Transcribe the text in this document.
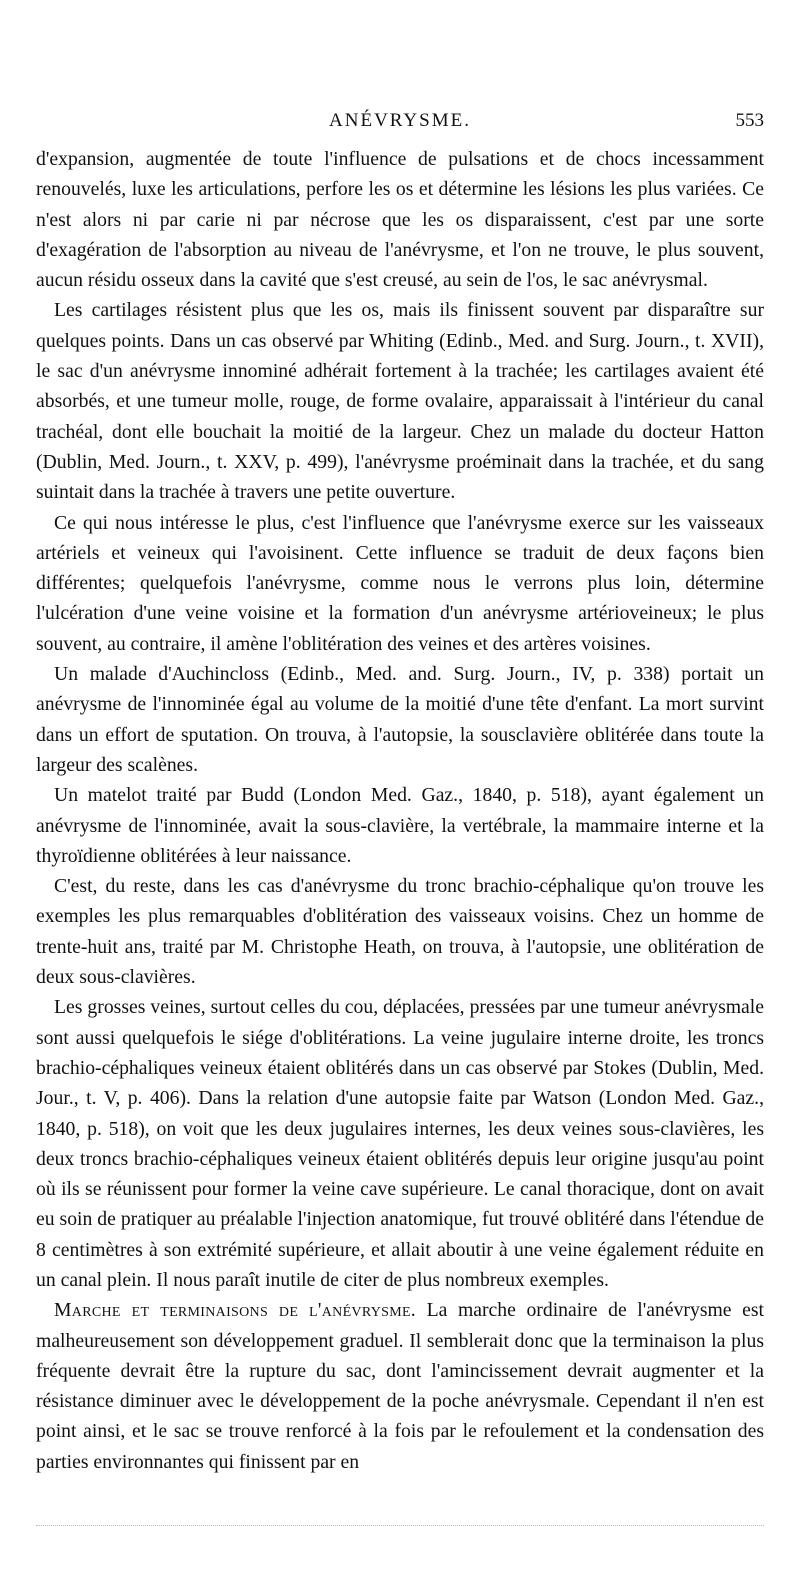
ANÉVRYSME.	553

d'expansion, augmentée de toute l'influence de pulsations et de chocs incessamment renouvelés, luxe les articulations, perfore les os et détermine les lésions les plus variées. Ce n'est alors ni par carie ni par nécrose que les os disparaissent, c'est par une sorte d'exagération de l'absorption au niveau de l'anévrysme, et l'on ne trouve, le plus souvent, aucun résidu osseux dans la cavité que s'est creusé, au sein de l'os, le sac anévrysmal.

Les cartilages résistent plus que les os, mais ils finissent souvent par disparaître sur quelques points. Dans un cas observé par Whiting (Edinb., Med. and Surg. Journ., t. XVII), le sac d'un anévrysme innominé adhérait fortement à la trachée; les cartilages avaient été absorbés, et une tumeur molle, rouge, de forme ovalaire, apparaissait à l'intérieur du canal trachéal, dont elle bouchait la moitié de la largeur. Chez un malade du docteur Hatton (Dublin, Med. Journ., t. XXV, p. 499), l'anévrysme proéminait dans la trachée, et du sang suintait dans la trachée à travers une petite ouverture.

Ce qui nous intéresse le plus, c'est l'influence que l'anévrysme exerce sur les vaisseaux artériels et veineux qui l'avoisinent. Cette influence se traduit de deux façons bien différentes; quelquefois l'anévrysme, comme nous le verrons plus loin, détermine l'ulcération d'une veine voisine et la formation d'un anévrysme artérioveineux; le plus souvent, au contraire, il amène l'oblitération des veines et des artères voisines.

Un malade d'Auchincloss (Edinb., Med. and. Surg. Journ., IV, p. 338) portait un anévrysme de l'innominée égal au volume de la moitié d'une tête d'enfant. La mort survint dans un effort de sputation. On trouva, à l'autopsie, la sousclavière oblitérée dans toute la largeur des scalènes.

Un matelot traité par Budd (London Med. Gaz., 1840, p. 518), ayant également un anévrysme de l'innominée, avait la sous-clavière, la vertébrale, la mammaire interne et la thyroïdienne oblitérées à leur naissance.

C'est, du reste, dans les cas d'anévrysme du tronc brachio-céphalique qu'on trouve les exemples les plus remarquables d'oblitération des vaisseaux voisins. Chez un homme de trente-huit ans, traité par M. Christophe Heath, on trouva, à l'autopsie, une oblitération de deux sous-clavières.

Les grosses veines, surtout celles du cou, déplacées, pressées par une tumeur anévrysmale sont aussi quelquefois le siége d'oblitérations. La veine jugulaire interne droite, les troncs brachio-céphaliques veineux étaient oblitérés dans un cas observé par Stokes (Dublin, Med. Jour., t. V, p. 406). Dans la relation d'une autopsie faite par Watson (London Med. Gaz., 1840, p. 518), on voit que les deux jugulaires internes, les deux veines sous-clavières, les deux troncs brachio-céphaliques veineux étaient oblitérés depuis leur origine jusqu'au point où ils se réunissent pour former la veine cave supérieure. Le canal thoracique, dont on avait eu soin de pratiquer au préalable l'injection anatomique, fut trouvé oblitéré dans l'étendue de 8 centimètres à son extrémité supérieure, et allait aboutir à une veine également réduite en un canal plein. Il nous paraît inutile de citer de plus nombreux exemples.

Marche et terminaisons de l'anévrysme. La marche ordinaire de l'anévrysme est malheureusement son développement graduel. Il semblerait donc que la terminaison la plus fréquente devrait être la rupture du sac, dont l'amincissement devrait augmenter et la résistance diminuer avec le développement de la poche anévrysmale. Cependant il n'en est point ainsi, et le sac se trouve renforcé à la fois par le refoulement et la condensation des parties environnantes qui finissent par en
